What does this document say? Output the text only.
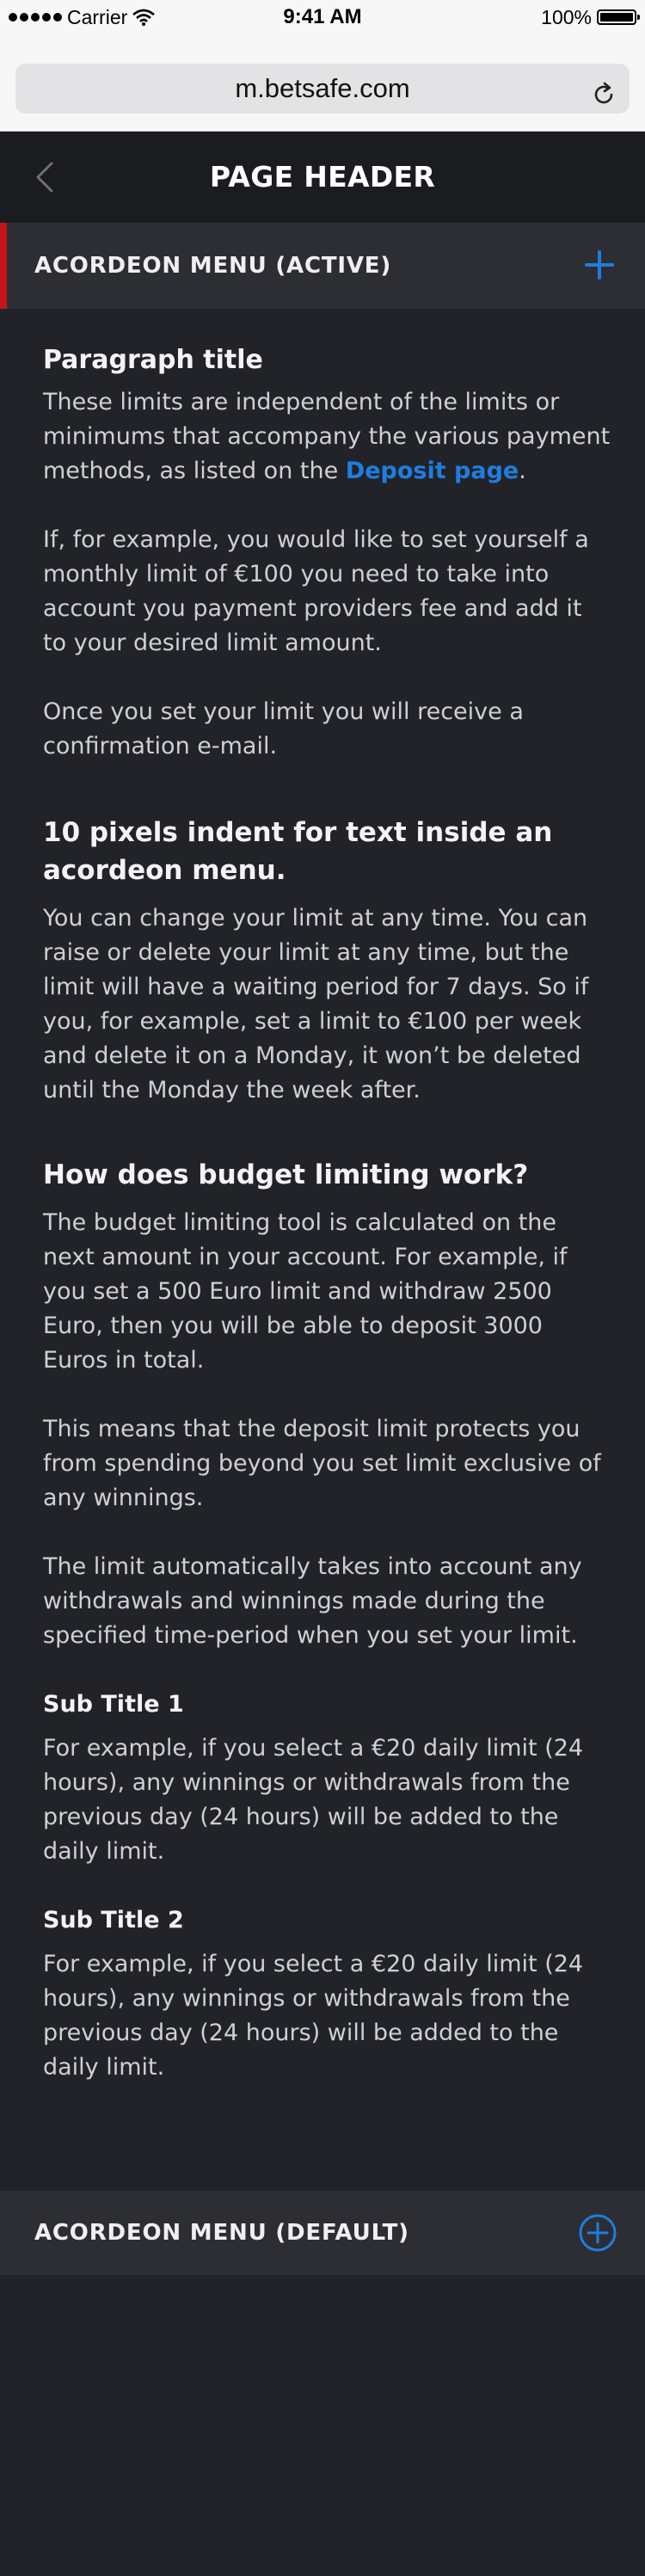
Carrier	9:41 AM	100%
m.betsafe.com
PAGE HEADER
ACORDEON MENU (ACTIVE)
Paragraph title

These limits are independent of the limits or minimums that accompany the various payment methods, as listed on the Deposit page.

If, for example, you would like to set yourself a monthly limit of €100 you need to take into account you payment providers fee and add it to your desired limit amount.

Once you set your limit you will receive a confirmation e-mail.

10 pixels indent for text inside an acordeon menu.

You can change your limit at any time. You can raise or delete your limit at any time, but the limit will have a waiting period for 7 days. So if you, for example, set a limit to €100 per week and delete it on a Monday, it won’t be deleted until the Monday the week after.

How does budget limiting work?

The budget limiting tool is calculated on the next amount in your account. For example, if you set a 500 Euro limit and withdraw 2500 Euro, then you will be able to deposit 3000 Euros in total.

This means that the deposit limit protects you from spending beyond you set limit exclusive of any winnings.

The limit automatically takes into account any withdrawals and winnings made during the specified time-period when you set your limit.

Sub Title 1

For example, if you select a €20 daily limit (24 hours), any winnings or withdrawals from the previous day (24 hours) will be added to the daily limit.

Sub Title 2

For example, if you select a €20 daily limit (24 hours), any winnings or withdrawals from the previous day (24 hours) will be added to the daily limit.

ACORDEON MENU (DEFAULT)
